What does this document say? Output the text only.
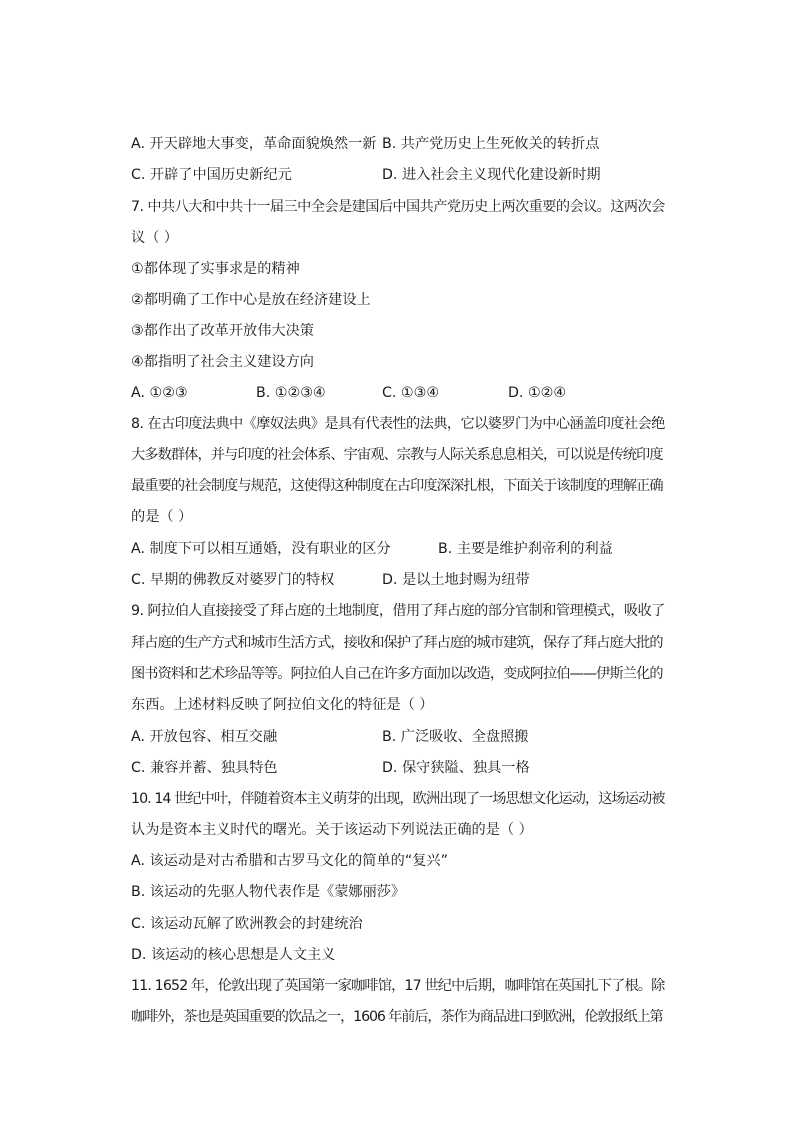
A. 开天辟地大事变，革命面貌焕然一新 B. 共产党历史上生死攸关的转折点
C. 开辟了中国历史新纪元	D. 进入社会主义现代化建设新时期
7. 中共八大和中共十一届三中全会是建国后中国共产党历史上两次重要的会议。这两次会
议（ ）
①都体现了实事求是的精神
②都明确了工作中心是放在经济建设上
③都作出了改革开放伟大决策
④都指明了社会主义建设方向
A. ①②③	B. ①②③④	C. ①③④	D. ①②④
8. 在古印度法典中《摩奴法典》是具有代表性的法典，它以婆罗门为中心涵盖印度社会绝
大多数群体，并与印度的社会体系、宇宙观、宗教与人际关系息息相关，可以说是传统印度
最重要的社会制度与规范，这使得这种制度在古印度深深扎根，下面关于该制度的理解正确
的是（ ）
A. 制度下可以相互通婚，没有职业的区分	B. 主要是维护刹帝利的利益
C. 早期的佛教反对婆罗门的特权	D. 是以土地封赐为纽带
9. 阿拉伯人直接接受了拜占庭的土地制度，借用了拜占庭的部分官制和管理模式，吸收了
拜占庭的生产方式和城市生活方式，接收和保护了拜占庭的城市建筑，保存了拜占庭大批的
图书资料和艺术珍品等等。阿拉伯人自己在许多方面加以改造，变成阿拉伯——伊斯兰化的
东西。上述材料反映了阿拉伯文化的特征是（ ）
A. 开放包容、相互交融	B. 广泛吸收、全盘照搬
C. 兼容并蓄、独具特色	D. 保守狭隘、独具一格
10. 14 世纪中叶，伴随着资本主义萌芽的出现，欧洲出现了一场思想文化运动，这场运动被
认为是资本主义时代的曙光。关于该运动下列说法正确的是（ ）
A. 该运动是对古希腊和古罗马文化的简单的“复兴”
B. 该运动的先驱人物代表作是《蒙娜丽莎》
C. 该运动瓦解了欧洲教会的封建统治
D. 该运动的核心思想是人文主义
11. 1652 年，伦敦出现了英国第一家咖啡馆，17 世纪中后期，咖啡馆在英国扎下了根。除
咖啡外，茶也是英国重要的饮品之一，1606 年前后，茶作为商品进口到欧洲，伦敦报纸上第
